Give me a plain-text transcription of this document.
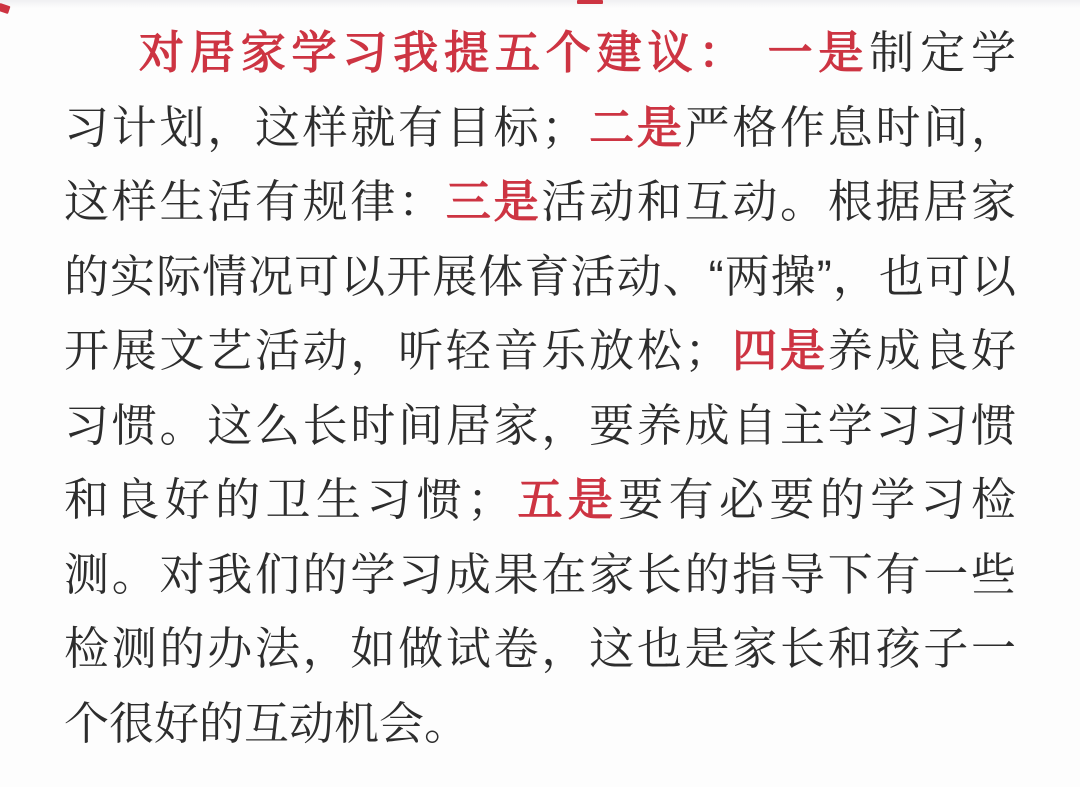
对居家学习我提五个建议： 一是制定学
习计划，这样就有目标；二是严格作息时间，
这样生活有规律：三是活动和互动。根据居家
的实际情况可以开展体育活动、“两操”，也可以
开展文艺活动，听轻音乐放松；四是养成良好
习惯。这么长时间居家，要养成自主学习习惯
和良好的卫生习惯；五是要有必要的学习检
测。对我们的学习成果在家长的指导下有一些
检测的办法，如做试卷，这也是家长和孩子一
个很好的互动机会。
